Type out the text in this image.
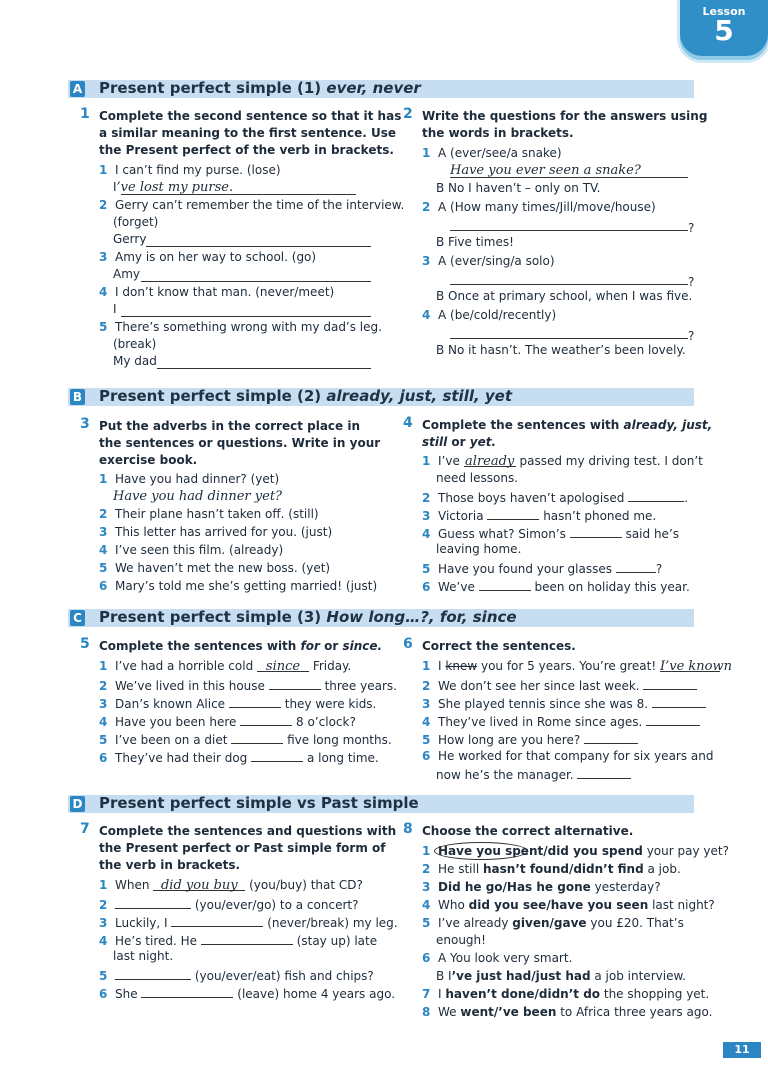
Lesson
5
A Present perfect simple (1) ever, never
1 Complete the second sentence so that it has
a similar meaning to the first sentence. Use
the Present perfect of the verb in brackets.
1 I can’t find my purse. (lose)
I’ve lost my purse.
2 Gerry can’t remember the time of the interview.
(forget)
Gerry
3 Amy is on her way to school. (go)
Amy
4 I don’t know that man. (never/meet)
I
5 There’s something wrong with my dad’s leg.
(break)
My dad
2 Write the questions for the answers using
the words in brackets.
1 A (ever/see/a snake)
Have you ever seen a snake?
B No I haven’t – only on TV.
2 A (How many times/Jill/move/house)
?
B Five times!
3 A (ever/sing/a solo)
?
B Once at primary school, when I was five.
4 A (be/cold/recently)
?
B No it hasn’t. The weather’s been lovely.
B Present perfect simple (2) already, just, still, yet
3 Put the adverbs in the correct place in
the sentences or questions. Write in your
exercise book.
1 Have you had dinner? (yet)
Have you had dinner yet?
2 Their plane hasn’t taken off. (still)
3 This letter has arrived for you. (just)
4 I’ve seen this film. (already)
5 We haven’t met the new boss. (yet)
6 Mary’s told me she’s getting married! (just)
4 Complete the sentences with already, just,
still or yet.
1 I’ve already passed my driving test. I don’t
need lessons.
2 Those boys haven’t apologised	.
3 Victoria	hasn’t phoned me.
4 Guess what? Simon’s	said he’s
leaving home.
5 Have you found your glasses	?
6 We’ve	been on holiday this year.
C Present perfect simple (3) How long…?, for, since
5 Complete the sentences with for or since.
1 I’ve had a horrible cold since Friday.
2 We’ve lived in this house	three years.
3 Dan’s known Alice	they were kids.
4 Have you been here	8 o’clock?
5 I’ve been on a diet	five long months.
6 They’ve had their dog	a long time.
6 Correct the sentences.
1 I knew you for 5 years. You’re great! I’ve known
2 We don’t see her since last week.
3 She played tennis since she was 8.
4 They’ve lived in Rome since ages.
5 How long are you here?
6 He worked for that company for six years and
now he’s the manager.
D Present perfect simple vs Past simple
7 Complete the sentences and questions with
the Present perfect or Past simple form of
the verb in brackets.
1 When did you buy (you/buy) that CD?
2	(you/ever/go) to a concert?
3 Luckily, I	(never/break) my leg.
4 He’s tired. He	(stay up) late
last night.
5	(you/ever/eat) fish and chips?
6 She	(leave) home 4 years ago.
8 Choose the correct alternative.
1 Have you spent/did you spend your pay yet?
2 He still hasn’t found/didn’t find a job.
3 Did he go/Has he gone yesterday?
4 Who did you see/have you seen last night?
5 I’ve already given/gave you £20. That’s
enough!
6 A You look very smart.
B I’ve just had/just had a job interview.
7 I haven’t done/didn’t do the shopping yet.
8 We went/’ve been to Africa three years ago.
11
